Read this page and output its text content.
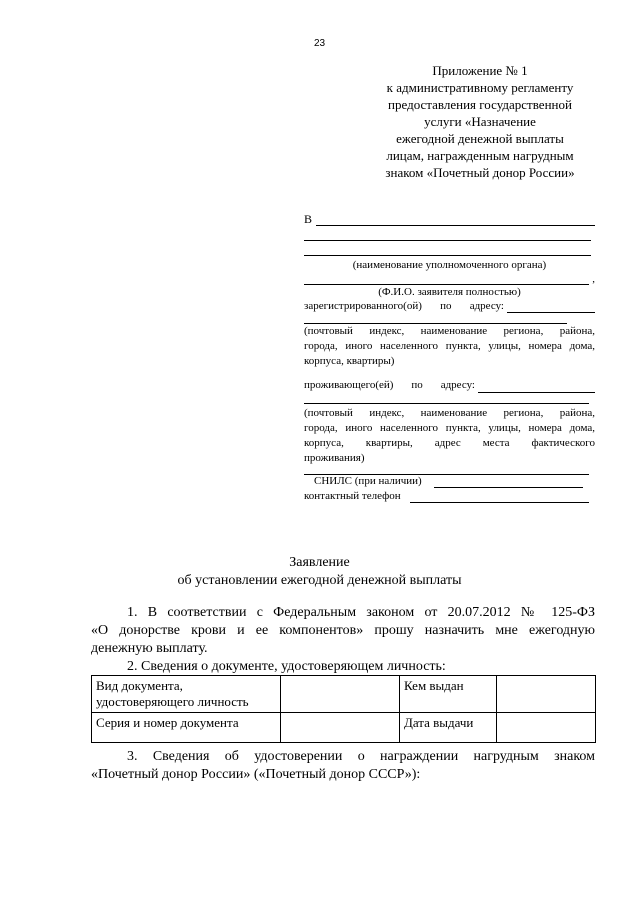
23
Приложение № 1
к административному регламенту
предоставления государственной
услуги «Назначение
ежегодной денежной выплаты
лицам, награжденным нагрудным
знаком «Почетный донор России»
В
(наименование уполномоченного органа)
,
(Ф.И.О. заявителя полностью)
зарегистрированного(ой) по адресу:
(почтовый индекс, наименование региона, района,
города, иного населенного пункта, улицы, номера дома,
корпуса, квартиры)
проживающего(ей) по адресу:
(почтовый индекс, наименование региона, района,
города, иного населенного пункта, улицы, номера дома,
корпуса, квартиры, адрес места фактического
проживания)
СНИЛС (при наличии)
контактный телефон
Заявление
об установлении ежегодной денежной выплаты
1. В соответствии с Федеральным законом от 20.07.2012 № 125-ФЗ
«О донорстве крови и ее компонентов» прошу назначить мне ежегодную
денежную выплату.
2. Сведения о документе, удостоверяющем личность:
Вид документа, удостоверяющего личность		Кем выдан	
Серия и номер документа		Дата выдачи	
3. Сведения об удостоверении о награждении нагрудным знаком
«Почетный донор России» («Почетный донор СССР»):
